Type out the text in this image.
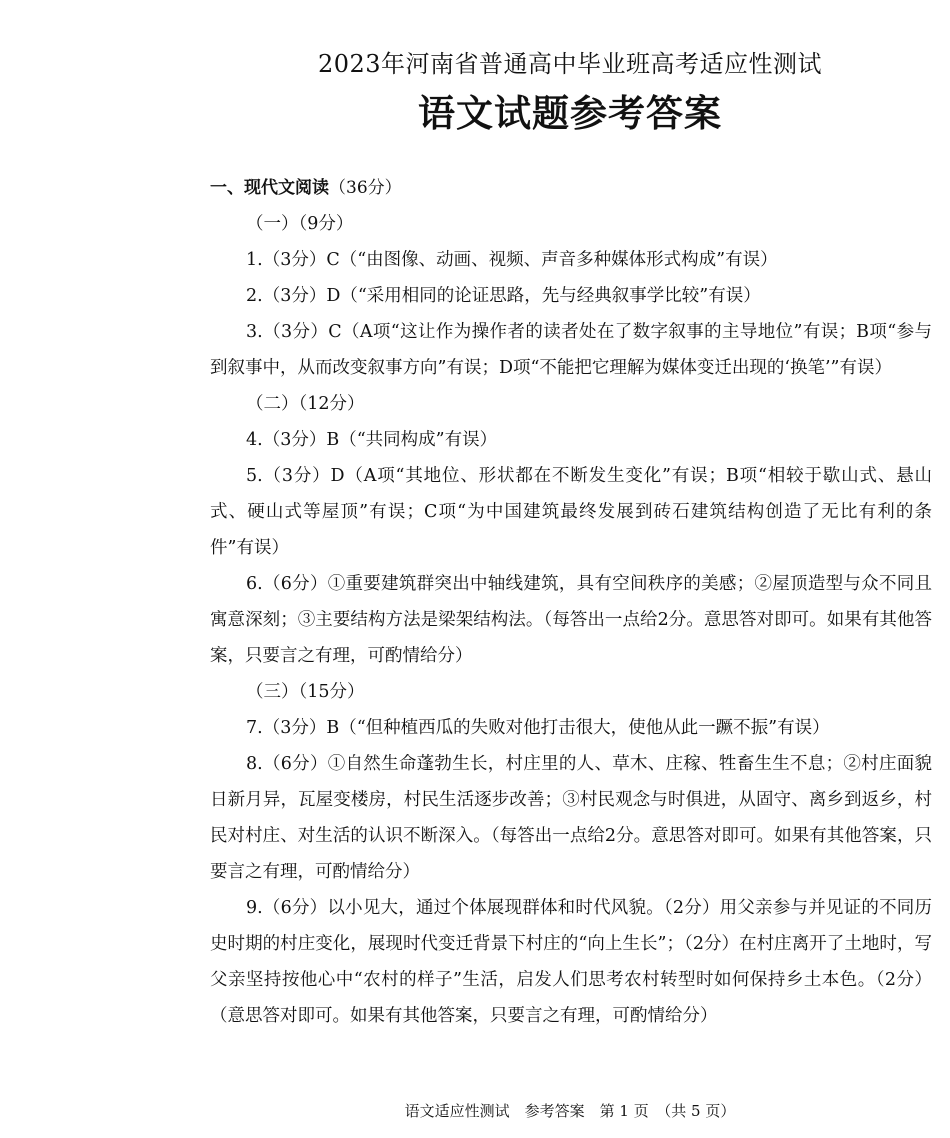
2023年河南省普通高中毕业班高考适应性测试
语文试题参考答案

一、现代文阅读（36分）

（一）（9分）

1.（3分）C（“由图像、动画、视频、声音多种媒体形式构成”有误）

2.（3分）D（“采用相同的论证思路，先与经典叙事学比较”有误）

3.（3分）C（A项“这让作为操作者的读者处在了数字叙事的主导地位”有误；B项“参与到叙事中，从而改变叙事方向”有误；D项“不能把它理解为媒体变迁出现的‘换笔’”有误）

（二）（12分）

4.（3分）B（“共同构成”有误）

5.（3分）D（A项“其地位、形状都在不断发生变化”有误；B项“相较于歇山式、悬山式、硬山式等屋顶”有误；C项“为中国建筑最终发展到砖石建筑结构创造了无比有利的条件”有误）

6.（6分）①重要建筑群突出中轴线建筑，具有空间秩序的美感；②屋顶造型与众不同且寓意深刻；③主要结构方法是梁架结构法。（每答出一点给2分。意思答对即可。如果有其他答案，只要言之有理，可酌情给分）

（三）（15分）

7.（3分）B（“但种植西瓜的失败对他打击很大，使他从此一蹶不振”有误）

8.（6分）①自然生命蓬勃生长，村庄里的人、草木、庄稼、牲畜生生不息；②村庄面貌日新月异，瓦屋变楼房，村民生活逐步改善；③村民观念与时俱进，从固守、离乡到返乡，村民对村庄、对生活的认识不断深入。（每答出一点给2分。意思答对即可。如果有其他答案，只要言之有理，可酌情给分）

9.（6分）以小见大，通过个体展现群体和时代风貌。（2分）用父亲参与并见证的不同历史时期的村庄变化，展现时代变迁背景下村庄的“向上生长”；（2分）在村庄离开了土地时，写父亲坚持按他心中“农村的样子”生活，启发人们思考农村转型时如何保持乡土本色。（2分）（意思答对即可。如果有其他答案，只要言之有理，可酌情给分）

语文适应性测试　参考答案　第 1 页　（共 5 页）
